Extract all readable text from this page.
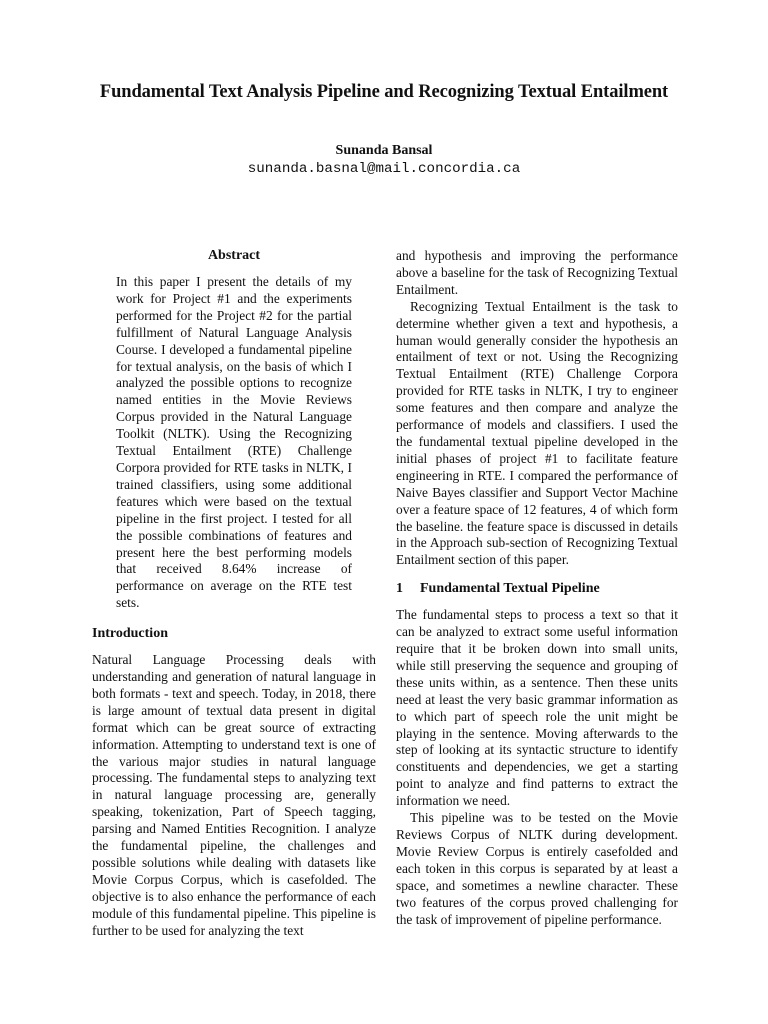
Fundamental Text Analysis Pipeline and Recognizing Textual Entailment
Sunanda Bansal
sunanda.basnal@mail.concordia.ca
Abstract

In this paper I present the details of my work for Project #1 and the experiments performed for the Project #2 for the partial fulfillment of Natural Language Analysis Course. I developed a fundamental pipeline for textual analysis, on the basis of which I analyzed the possible options to recognize named entities in the Movie Reviews Corpus provided in the Natural Language Toolkit (NLTK). Using the Recognizing Textual Entailment (RTE) Challenge Corpora provided for RTE tasks in NLTK, I trained classifiers, using some additional features which were based on the textual pipeline in the first project. I tested for all the possible combinations of features and present here the best performing models that received 8.64% increase of performance on average on the RTE test sets.

Introduction

Natural Language Processing deals with understanding and generation of natural language in both formats - text and speech. Today, in 2018, there is large amount of textual data present in digital format which can be great source of extracting information. Attempting to understand text is one of the various major studies in natural language processing. The fundamental steps to analyzing text in natural language processing are, generally speaking, tokenization, Part of Speech tagging, parsing and Named Entities Recognition. I analyze the fundamental pipeline, the challenges and possible solutions while dealing with datasets like Movie Corpus Corpus, which is casefolded. The objective is to also enhance the performance of each module of this fundamental pipeline. This pipeline is further to be used for analyzing the text

and hypothesis and improving the performance above a baseline for the task of Recognizing Textual Entailment.

Recognizing Textual Entailment is the task to determine whether given a text and hypothesis, a human would generally consider the hypothesis an entailment of text or not. Using the Recognizing Textual Entailment (RTE) Challenge Corpora provided for RTE tasks in NLTK, I try to engineer some features and then compare and analyze the performance of models and classifiers. I used the the fundamental textual pipeline developed in the initial phases of project #1 to facilitate feature engineering in RTE. I compared the performance of Naive Bayes classifier and Support Vector Machine over a feature space of 12 features, 4 of which form the baseline. the feature space is discussed in details in the Approach sub-section of Recognizing Textual Entailment section of this paper.

1 Fundamental Textual Pipeline

The fundamental steps to process a text so that it can be analyzed to extract some useful information require that it be broken down into small units, while still preserving the sequence and grouping of these units within, as a sentence. Then these units need at least the very basic grammar information as to which part of speech role the unit might be playing in the sentence. Moving afterwards to the step of looking at its syntactic structure to identify constituents and dependencies, we get a starting point to analyze and find patterns to extract the information we need.

This pipeline was to be tested on the Movie Reviews Corpus of NLTK during development. Movie Review Corpus is entirely casefolded and each token in this corpus is separated by at least a space, and sometimes a newline character. These two features of the corpus proved challenging for the task of improvement of pipeline performance.
